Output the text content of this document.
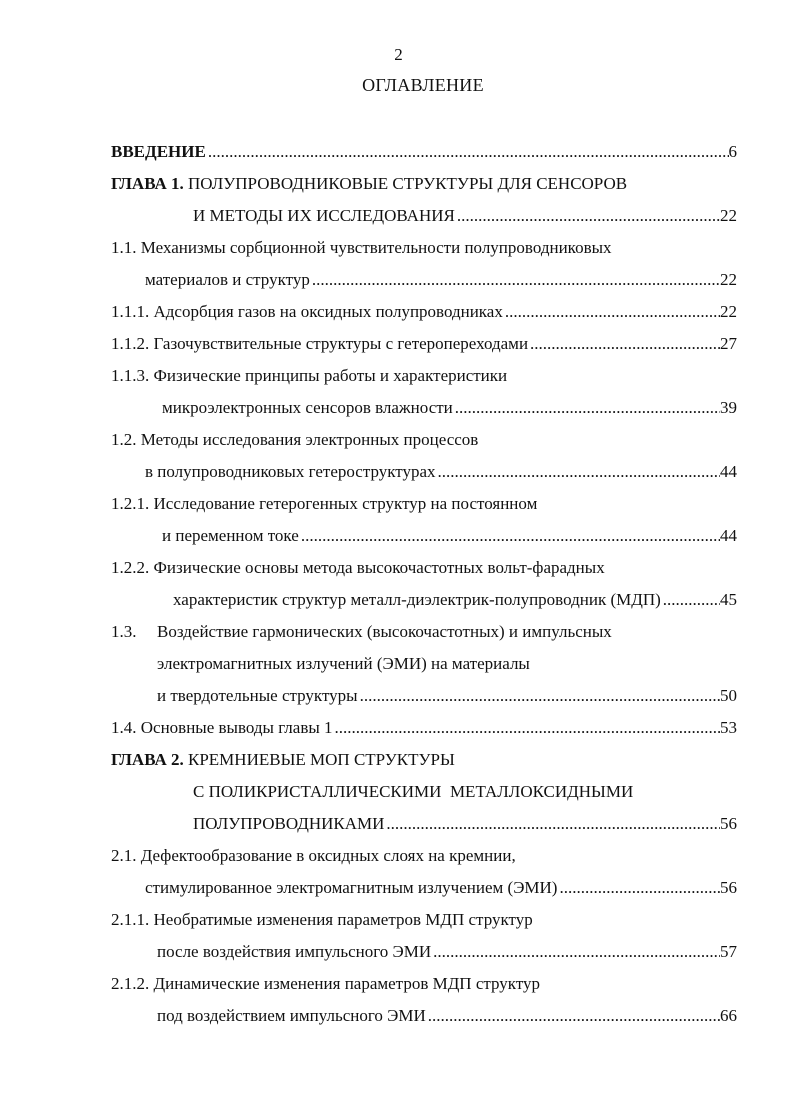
2
ОГЛАВЛЕНИЕ
ВВЕДЕНИЕ .....	6
ГЛАВА 1.
ПОЛУПРОВОДНИКОВЫЕ СТРУКТУРЫ ДЛЯ СЕНСОРОВ
И МЕТОДЫ ИХ ИССЛЕДОВАНИЯ .....	22
1.1. Механизмы сорбционной чувствительности полупроводниковых
материалов и структур .....	22
1.1.1. Адсорбция газов на оксидных полупроводниках .....	22
1.1.2. Газочувствительные структуры с гетеропереходами .....	27
1.1.3. Физические принципы работы и характеристики
микроэлектронных сенсоров влажности .....	39
1.2. Методы исследования электронных процессов
в полупроводниковых гетероструктурах .....	44
1.2.1. Исследование гетерогенных структур на постоянном
и переменном токе .....	44
1.2.2. Физические основы метода высокочастотных вольт-фарадных
характеристик структур металл-диэлектрик-полупроводник (МДП) .....	45
1.3.	Воздействие гармонических (высокочастотных) и импульсных
электромагнитных излучений (ЭМИ) на материалы
и твердотельные структуры .....	50
1.4. Основные выводы главы 1 .....	53
ГЛАВА 2.
КРЕМНИЕВЫЕ МОП СТРУКТУРЫ
С ПОЛИКРИСТАЛЛИЧЕСКИМИ  МЕТАЛЛОКСИДНЫМИ
ПОЛУПРОВОДНИКАМИ .....	56
2.1. Дефектообразование в оксидных слоях на кремнии,
стимулированное электромагнитным излучением (ЭМИ) .....	56
2.1.1. Необратимые изменения параметров МДП структур
после воздействия импульсного ЭМИ .....	57
2.1.2. Динамические изменения параметров МДП структур
под воздействием импульсного ЭМИ .....	66
